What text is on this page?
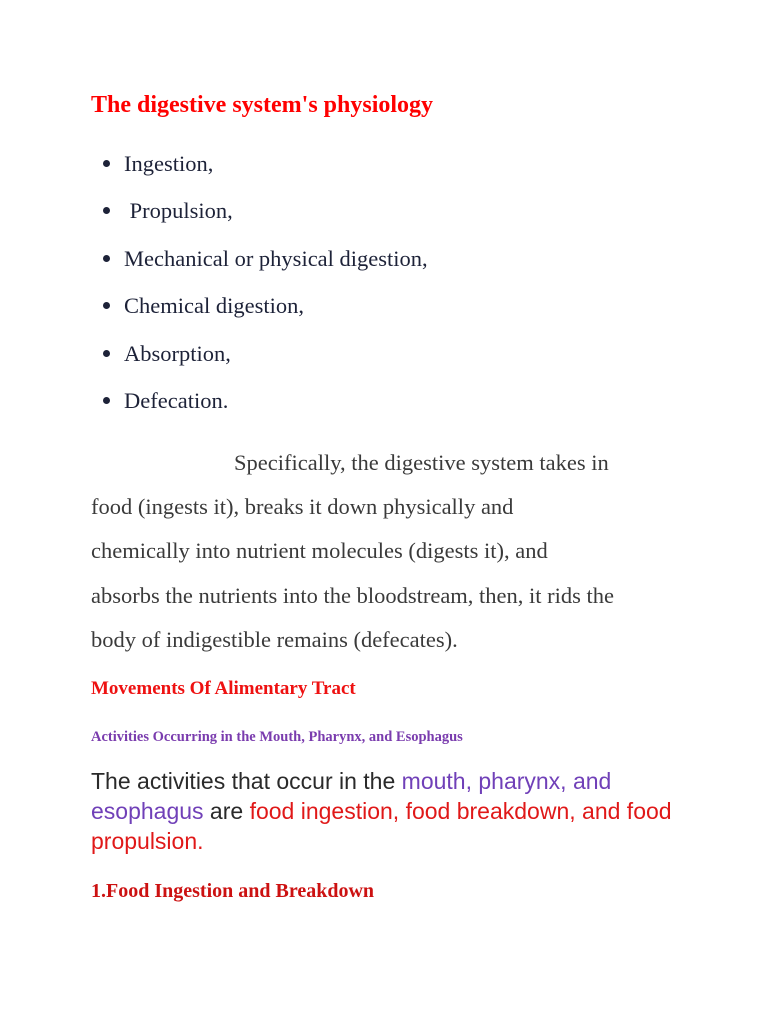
The digestive system's physiology

Ingestion,

Propulsion,

Mechanical or physical digestion,

Chemical digestion,

Absorption,

Defecation.

Specifically, the digestive system takes in
food (ingests it), breaks it down physically and
chemically into nutrient molecules (digests it), and
absorbs the nutrients into the bloodstream, then, it rids the
body of indigestible remains (defecates).

Movements Of Alimentary Tract
Activities Occurring in the Mouth, Pharynx, and Esophagus

The activities that occur in the mouth, pharynx, and
esophagus are food ingestion, food breakdown, and food
propulsion.

1.Food Ingestion and Breakdown
